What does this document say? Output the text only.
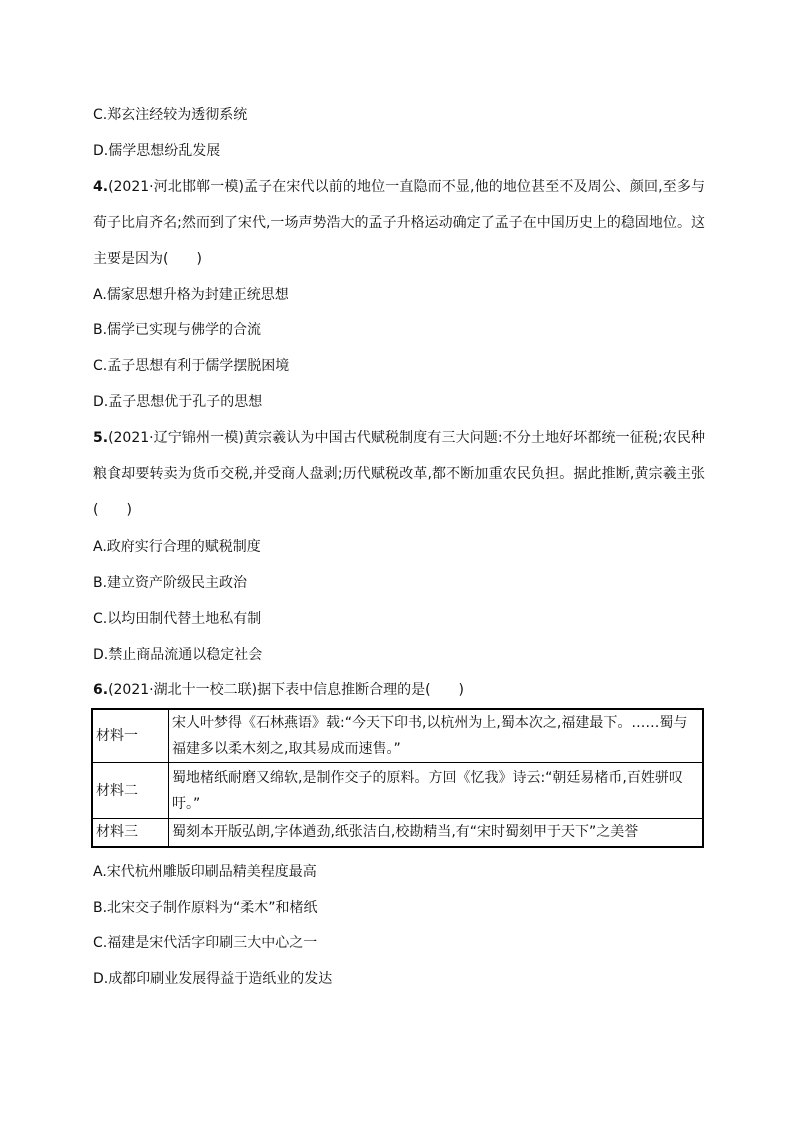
C.郑玄注经较为透彻系统
D.儒学思想纷乱发展
4.(2021·河北邯郸一模)孟子在宋代以前的地位一直隐而不显,他的地位甚至不及周公、颜回,至多与荀子比肩齐名;然而到了宋代,一场声势浩大的孟子升格运动确定了孟子在中国历史上的稳固地位。这主要是因为(　　)
A.儒家思想升格为封建正统思想
B.儒学已实现与佛学的合流
C.孟子思想有利于儒学摆脱困境
D.孟子思想优于孔子的思想
5.(2021·辽宁锦州一模)黄宗羲认为中国古代赋税制度有三大问题:不分土地好坏都统一征税;农民种粮食却要转卖为货币交税,并受商人盘剥;历代赋税改革,都不断加重农民负担。据此推断,黄宗羲主张(　　)
A.政府实行合理的赋税制度
B.建立资产阶级民主政治
C.以均田制代替土地私有制
D.禁止商品流通以稳定社会
6.(2021·湖北十一校二联)据下表中信息推断合理的是(　　)
材料一	宋人叶梦得《石林燕语》载:“今天下印书,以杭州为上,蜀本次之,福建最下。……蜀与福建多以柔木刻之,取其易成而速售。”
材料二	蜀地楮纸耐磨又绵软,是制作交子的原料。方回《忆我》诗云:“朝廷易楮币,百姓骈叹吁。”
材料三	蜀刻本开版弘朗,字体遒劲,纸张洁白,校勘精当,有“宋时蜀刻甲于天下”之美誉
A.宋代杭州雕版印刷品精美程度最高
B.北宋交子制作原料为“柔木”和楮纸
C.福建是宋代活字印刷三大中心之一
D.成都印刷业发展得益于造纸业的发达
